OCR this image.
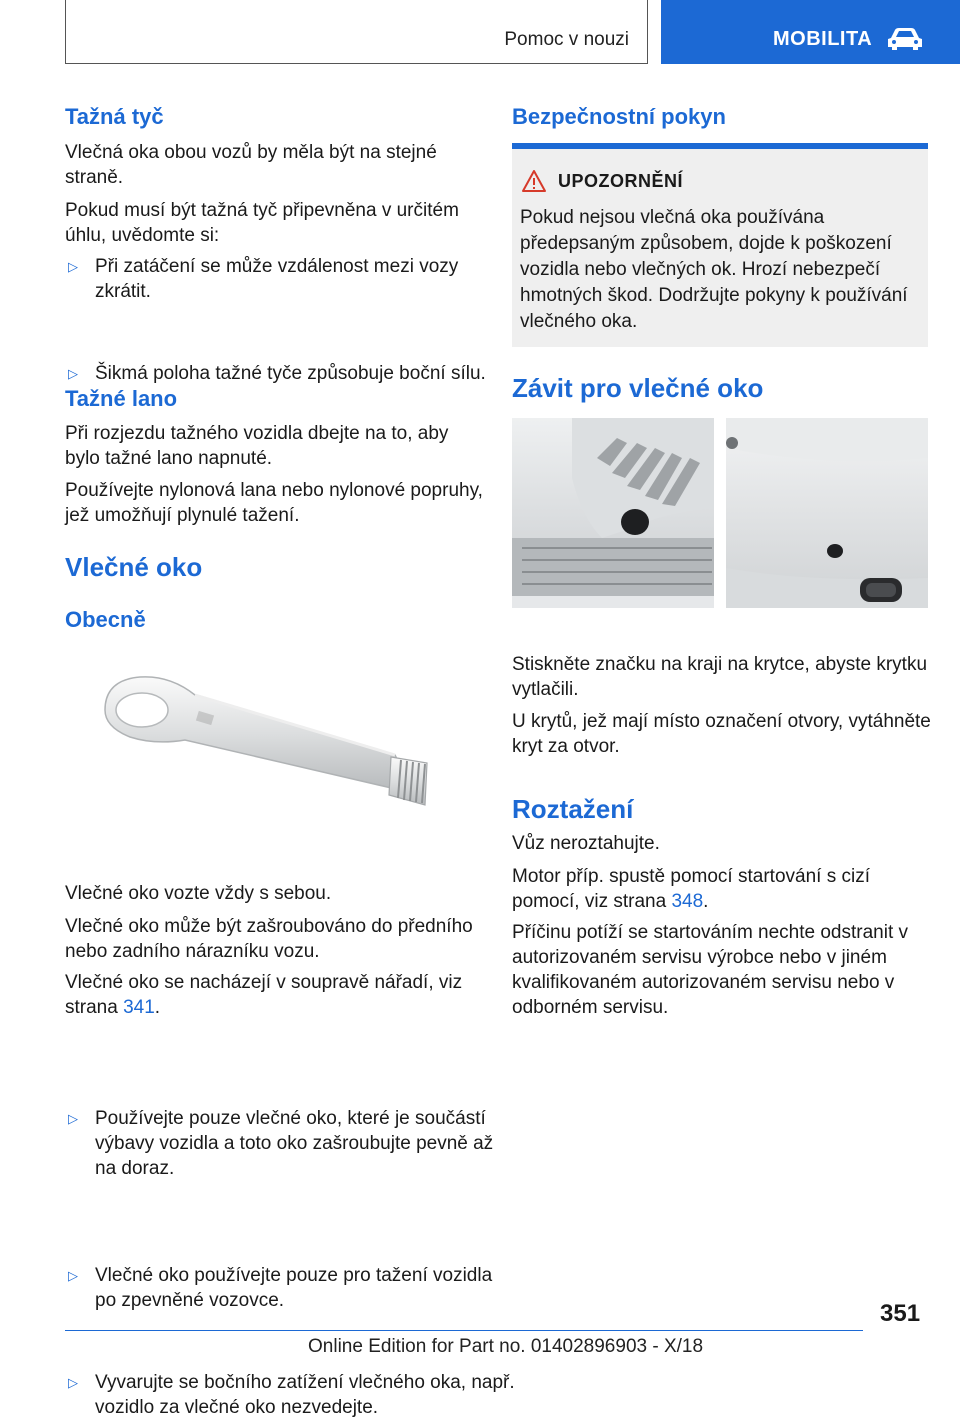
Pomoc v nouzi	MOBILITA
Tažná tyč

Vlečná oka obou vozů by měla být na stejné straně.

Pokud musí být tažná tyč připevněna v určitém úhlu, uvědomte si:

▷ Při zatáčení se může vzdálenost mezi vozy zkrátit.
▷ Šikmá poloha tažné tyče způsobuje boční sílu.
Tažné lano

Při rozjezdu tažného vozidla dbejte na to, aby bylo tažné lano napnuté.

Používejte nylonová lana nebo nylonové popruhy, jež umožňují plynulé tažení.

Vlečné oko
Obecně

Vlečné oko vozte vždy s sebou.

Vlečné oko může být zašroubováno do předního nebo zadního nárazníku vozu.

Vlečné oko se nacházejí v soupravě nářadí, viz strana 341.

▷ Používejte pouze vlečné oko, které je součástí výbavy vozidla a toto oko zašroubujte pevně až na doraz.
▷ Vlečné oko používejte pouze pro tažení vozidla po zpevněné vozovce.
▷ Vyvarujte se bočního zatížení vlečného oka, např. vozidlo za vlečné oko nezvedejte.
Bezpečnostní pokyn
UPOZORNĚNÍ
Pokud nejsou vlečná oka používána předepsaným způsobem, dojde k poškození vozidla nebo vlečných ok. Hrozí nebezpečí hmotných škod. Dodržujte pokyny k používání vlečného oka.
Závit pro vlečné oko

Stiskněte značku na kraji na krytce, abyste krytku vytlačili.

U krytů, jež mají místo označení otvory, vytáhněte kryt za otvor.

Roztažení

Vůz neroztahujte.

Motor příp. spustě pomocí startování s cizí pomocí, viz strana 348.

Příčinu potíží se startováním nechte odstranit v autorizovaném servisu výrobce nebo v jiném kvalifikovaném autorizovaném servisu nebo v odborném servisu.

351
Online Edition for Part no. 01402896903 - X/18
